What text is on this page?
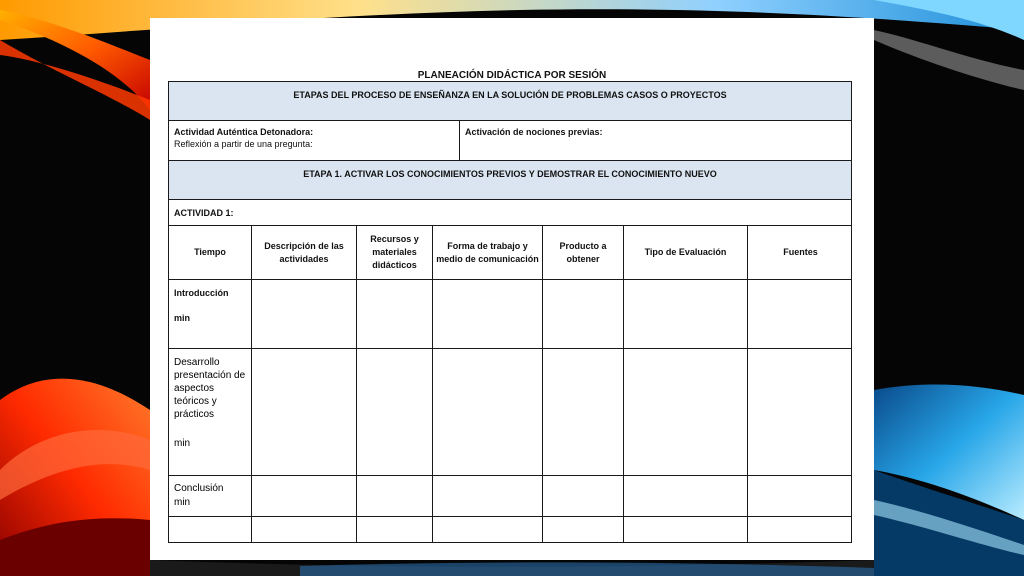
PLANEACIÓN DIDÁCTICA POR SESIÓN
ETAPAS DEL PROCESO DE ENSEÑANZA EN LA SOLUCIÓN DE PROBLEMAS CASOS O PROYECTOS
Actividad Auténtica Detonadora:
Reflexión a partir de una pregunta:
Activación de nociones previas:
ETAPA 1. ACTIVAR LOS CONOCIMIENTOS PREVIOS Y DEMOSTRAR EL CONOCIMIENTO NUEVO
ACTIVIDAD 1:
Tiempo
Descripción de las actividades
Recursos y materiales didácticos
Forma de trabajo y medio de comunicación
Producto a obtener
Tipo de Evaluación	Fuentes
Introducción
min
Desarrollo presentación de aspectos teóricos y prácticos
min
Conclusión
min
